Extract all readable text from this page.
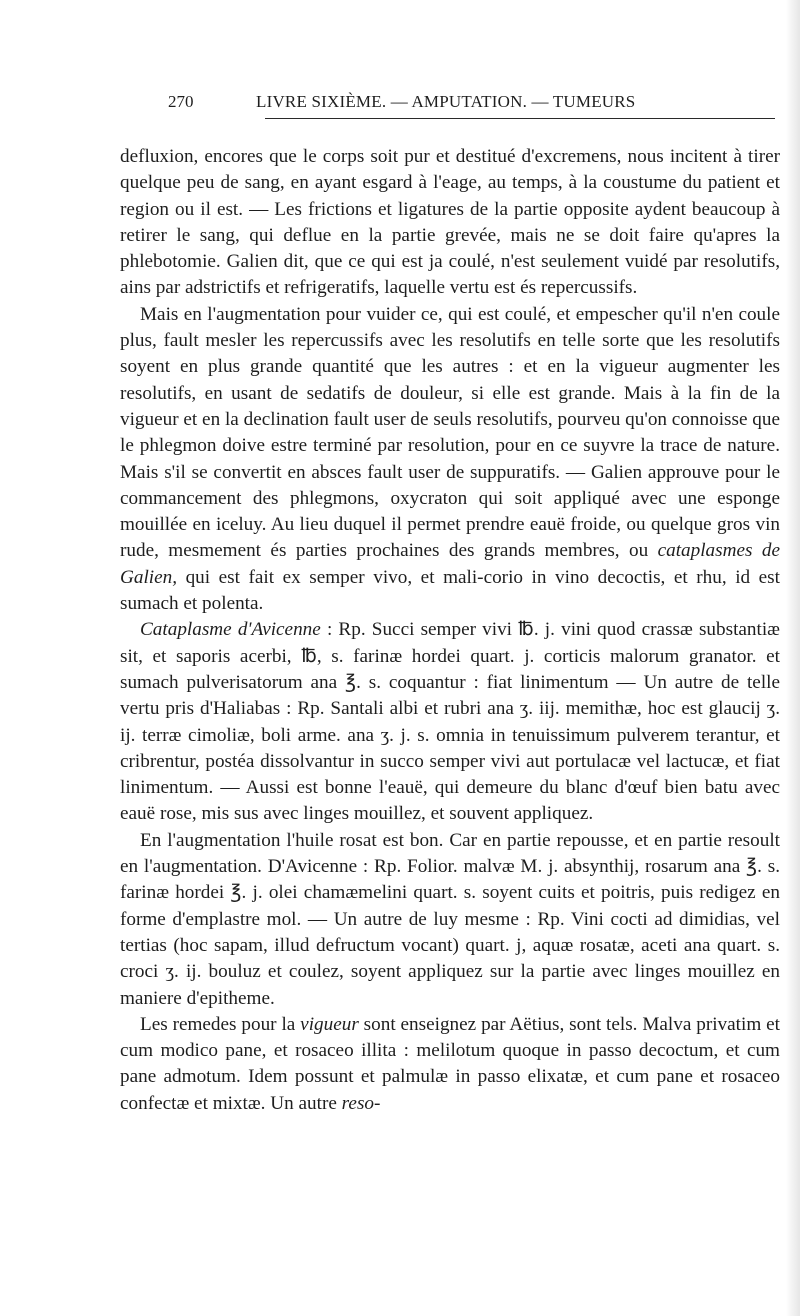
270	LIVRE SIXIÈME. — AMPUTATION. — TUMEURS

defluxion, encores que le corps soit pur et destitué d'excremens, nous incitent à tirer quelque peu de sang, en ayant esgard à l'eage, au temps, à la coustume du patient et region ou il est. — Les frictions et ligatures de la partie opposite aydent beaucoup à retirer le sang, qui deflue en la partie grevée, mais ne se doit faire qu'apres la phlebotomie. Galien dit, que ce qui est ja coulé, n'est seulement vuidé par resolutifs, ains par adstrictifs et refrigeratifs, laquelle vertu est és repercussifs.

Mais en l'augmentation pour vuider ce, qui est coulé, et empescher qu'il n'en coule plus, fault mesler les repercussifs avec les resolutifs en telle sorte que les resolutifs soyent en plus grande quantité que les autres : et en la vigueur augmenter les resolutifs, en usant de sedatifs de douleur, si elle est grande. Mais à la fin de la vigueur et en la declination fault user de seuls resolutifs, pourveu qu'on connoisse que le phlegmon doive estre terminé par resolution, pour en ce suyvre la trace de nature. Mais s'il se convertit en absces fault user de suppuratifs. — Galien approuve pour le commancement des phlegmons, oxycraton qui soit appliqué avec une esponge mouillée en iceluy. Au lieu duquel il permet prendre eauë froide, ou quelque gros vin rude, mesmement és parties prochaines des grands membres, ou cataplasmes de Galien, qui est fait ex semper vivo, et mali-corio in vino decoctis, et rhu, id est sumach et polenta.

Cataplasme d'Avicenne : Rp. Succi semper vivi ℔. j. vini quod crassæ substantiæ sit, et saporis acerbi, ℔, s. farinæ hordei quart. j. corticis malorum granator. et sumach pulverisatorum ana ℥. s. coquantur : fiat linimentum — Un autre de telle vertu pris d'Haliabas : Rp. Santali albi et rubri ana ʒ. iij. memithæ, hoc est glaucij ʒ. ij. terræ cimoliæ, boli arme. ana ʒ. j. s. omnia in tenuissimum pulverem terantur, et cribrentur, postéa dissolvantur in succo semper vivi aut portulacæ vel lactucæ, et fiat linimentum. — Aussi est bonne l'eauë, qui demeure du blanc d'œuf bien batu avec eauë rose, mis sus avec linges mouillez, et souvent appliquez.

En l'augmentation l'huile rosat est bon. Car en partie repousse, et en partie resoult en l'augmentation. D'Avicenne : Rp. Folior. malvæ M. j. absynthij, rosarum ana ℥. s. farinæ hordei ℥. j. olei chamæmelini quart. s. soyent cuits et poitris, puis redigez en forme d'emplastre mol. — Un autre de luy mesme : Rp. Vini cocti ad dimidias, vel tertias (hoc sapam, illud defructum vocant) quart. j, aquæ rosatæ, aceti ana quart. s. croci ʒ. ij. bouluz et coulez, soyent appliquez sur la partie avec linges mouillez en maniere d'epitheme.

Les remedes pour la vigueur sont enseignez par Aëtius, sont tels. Malva privatim et cum modico pane, et rosaceo illita : melilotum quoque in passo decoctum, et cum pane admotum. Idem possunt et palmulæ in passo elixatæ, et cum pane et rosaceo confectæ et mixtæ. Un autre reso-
